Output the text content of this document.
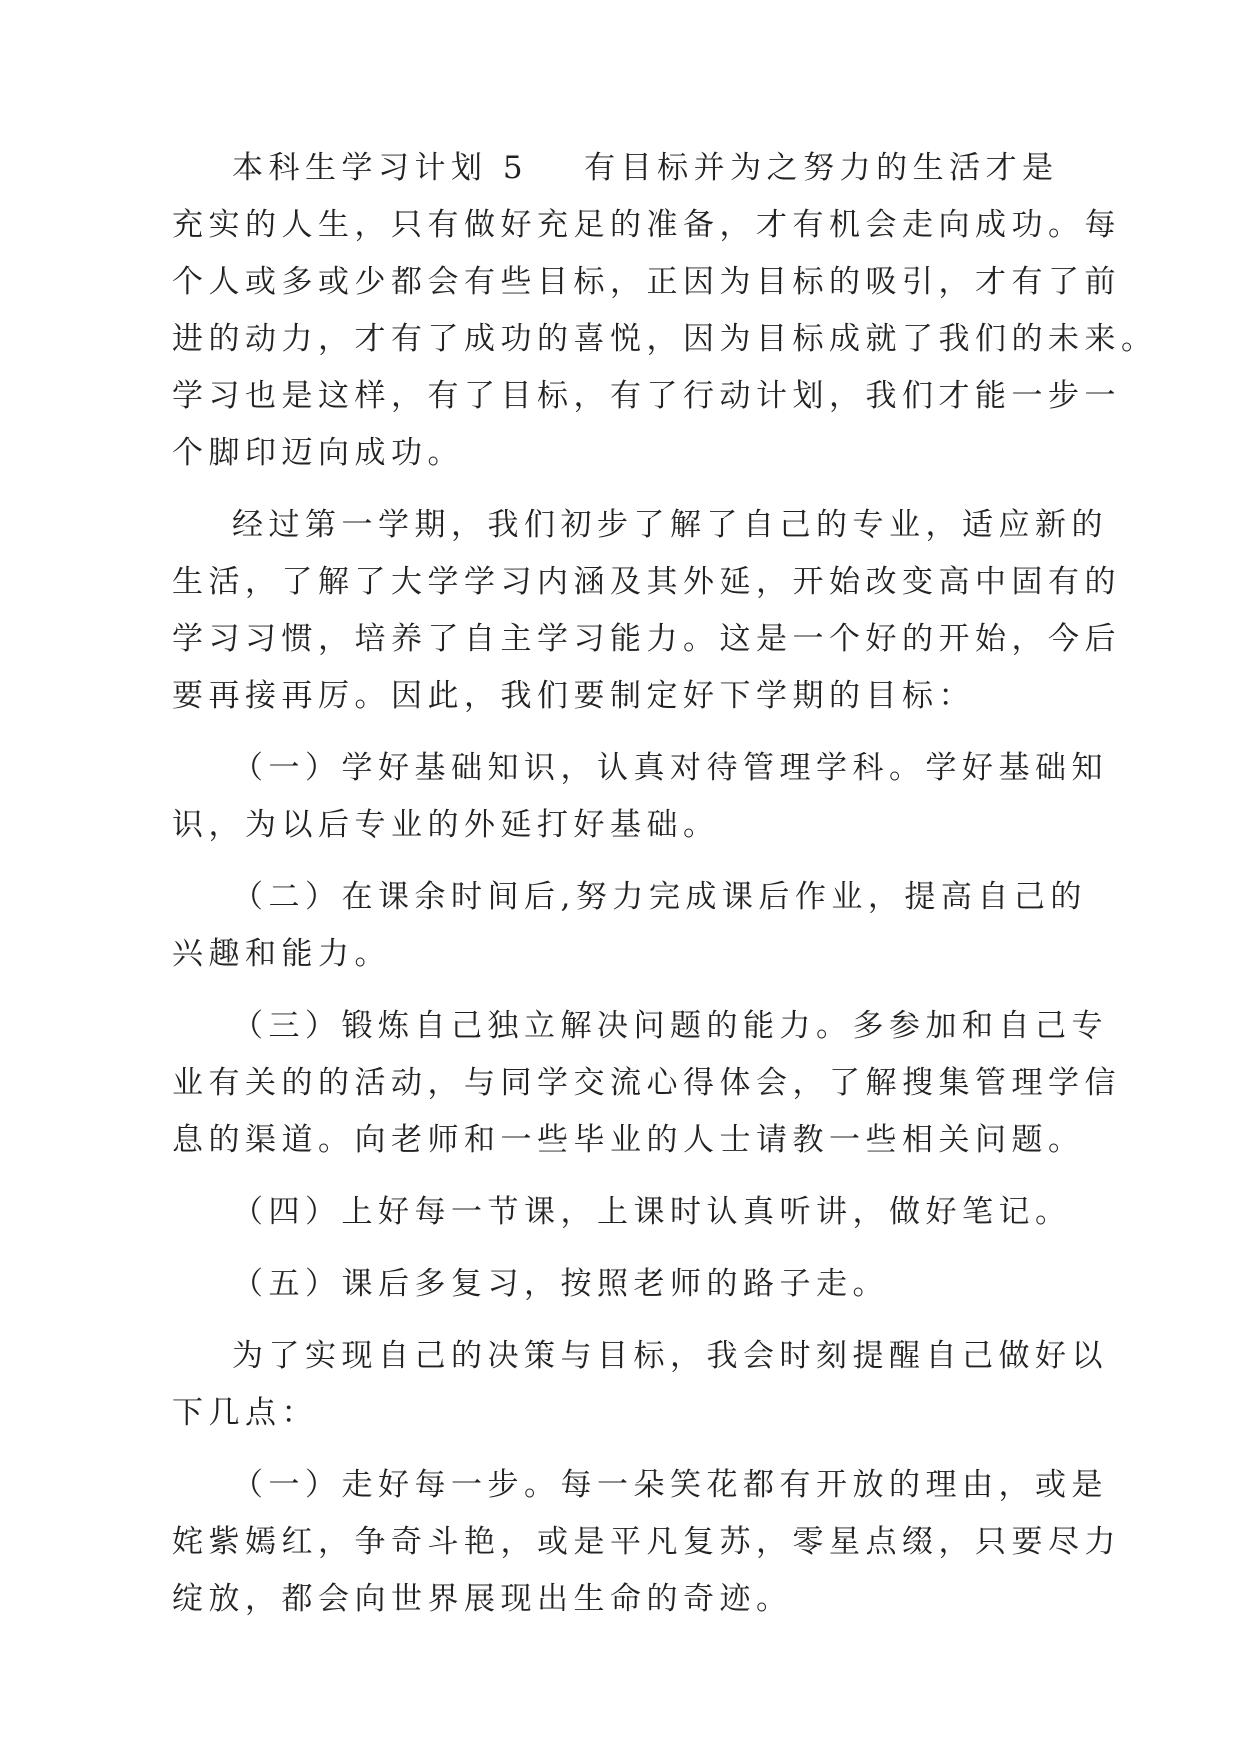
本科生学习计划 5 有目标并为之努力的生活才是
充实的人生，只有做好充足的准备，才有机会走向成功。每
个人或多或少都会有些目标，正因为目标的吸引，才有了前
进的动力，才有了成功的喜悦，因为目标成就了我们的未来。
学习也是这样，有了目标，有了行动计划，我们才能一步一
个脚印迈向成功。
经过第一学期，我们初步了解了自己的专业，适应新的
生活，了解了大学学习内涵及其外延，开始改变高中固有的
学习习惯，培养了自主学习能力。这是一个好的开始，今后
要再接再厉。因此，我们要制定好下学期的目标：
（一）学好基础知识，认真对待管理学科。学好基础知
识，为以后专业的外延打好基础。
（二）在课余时间后,努力完成课后作业，提高自己的
兴趣和能力。
（三）锻炼自己独立解决问题的能力。多参加和自己专
业有关的的活动，与同学交流心得体会，了解搜集管理学信
息的渠道。向老师和一些毕业的人士请教一些相关问题。
（四）上好每一节课，上课时认真听讲，做好笔记。
（五）课后多复习，按照老师的路子走。
为了实现自己的决策与目标，我会时刻提醒自己做好以
下几点：
（一）走好每一步。每一朵笑花都有开放的理由，或是
姹紫嫣红，争奇斗艳，或是平凡复苏，零星点缀，只要尽力
绽放，都会向世界展现出生命的奇迹。
